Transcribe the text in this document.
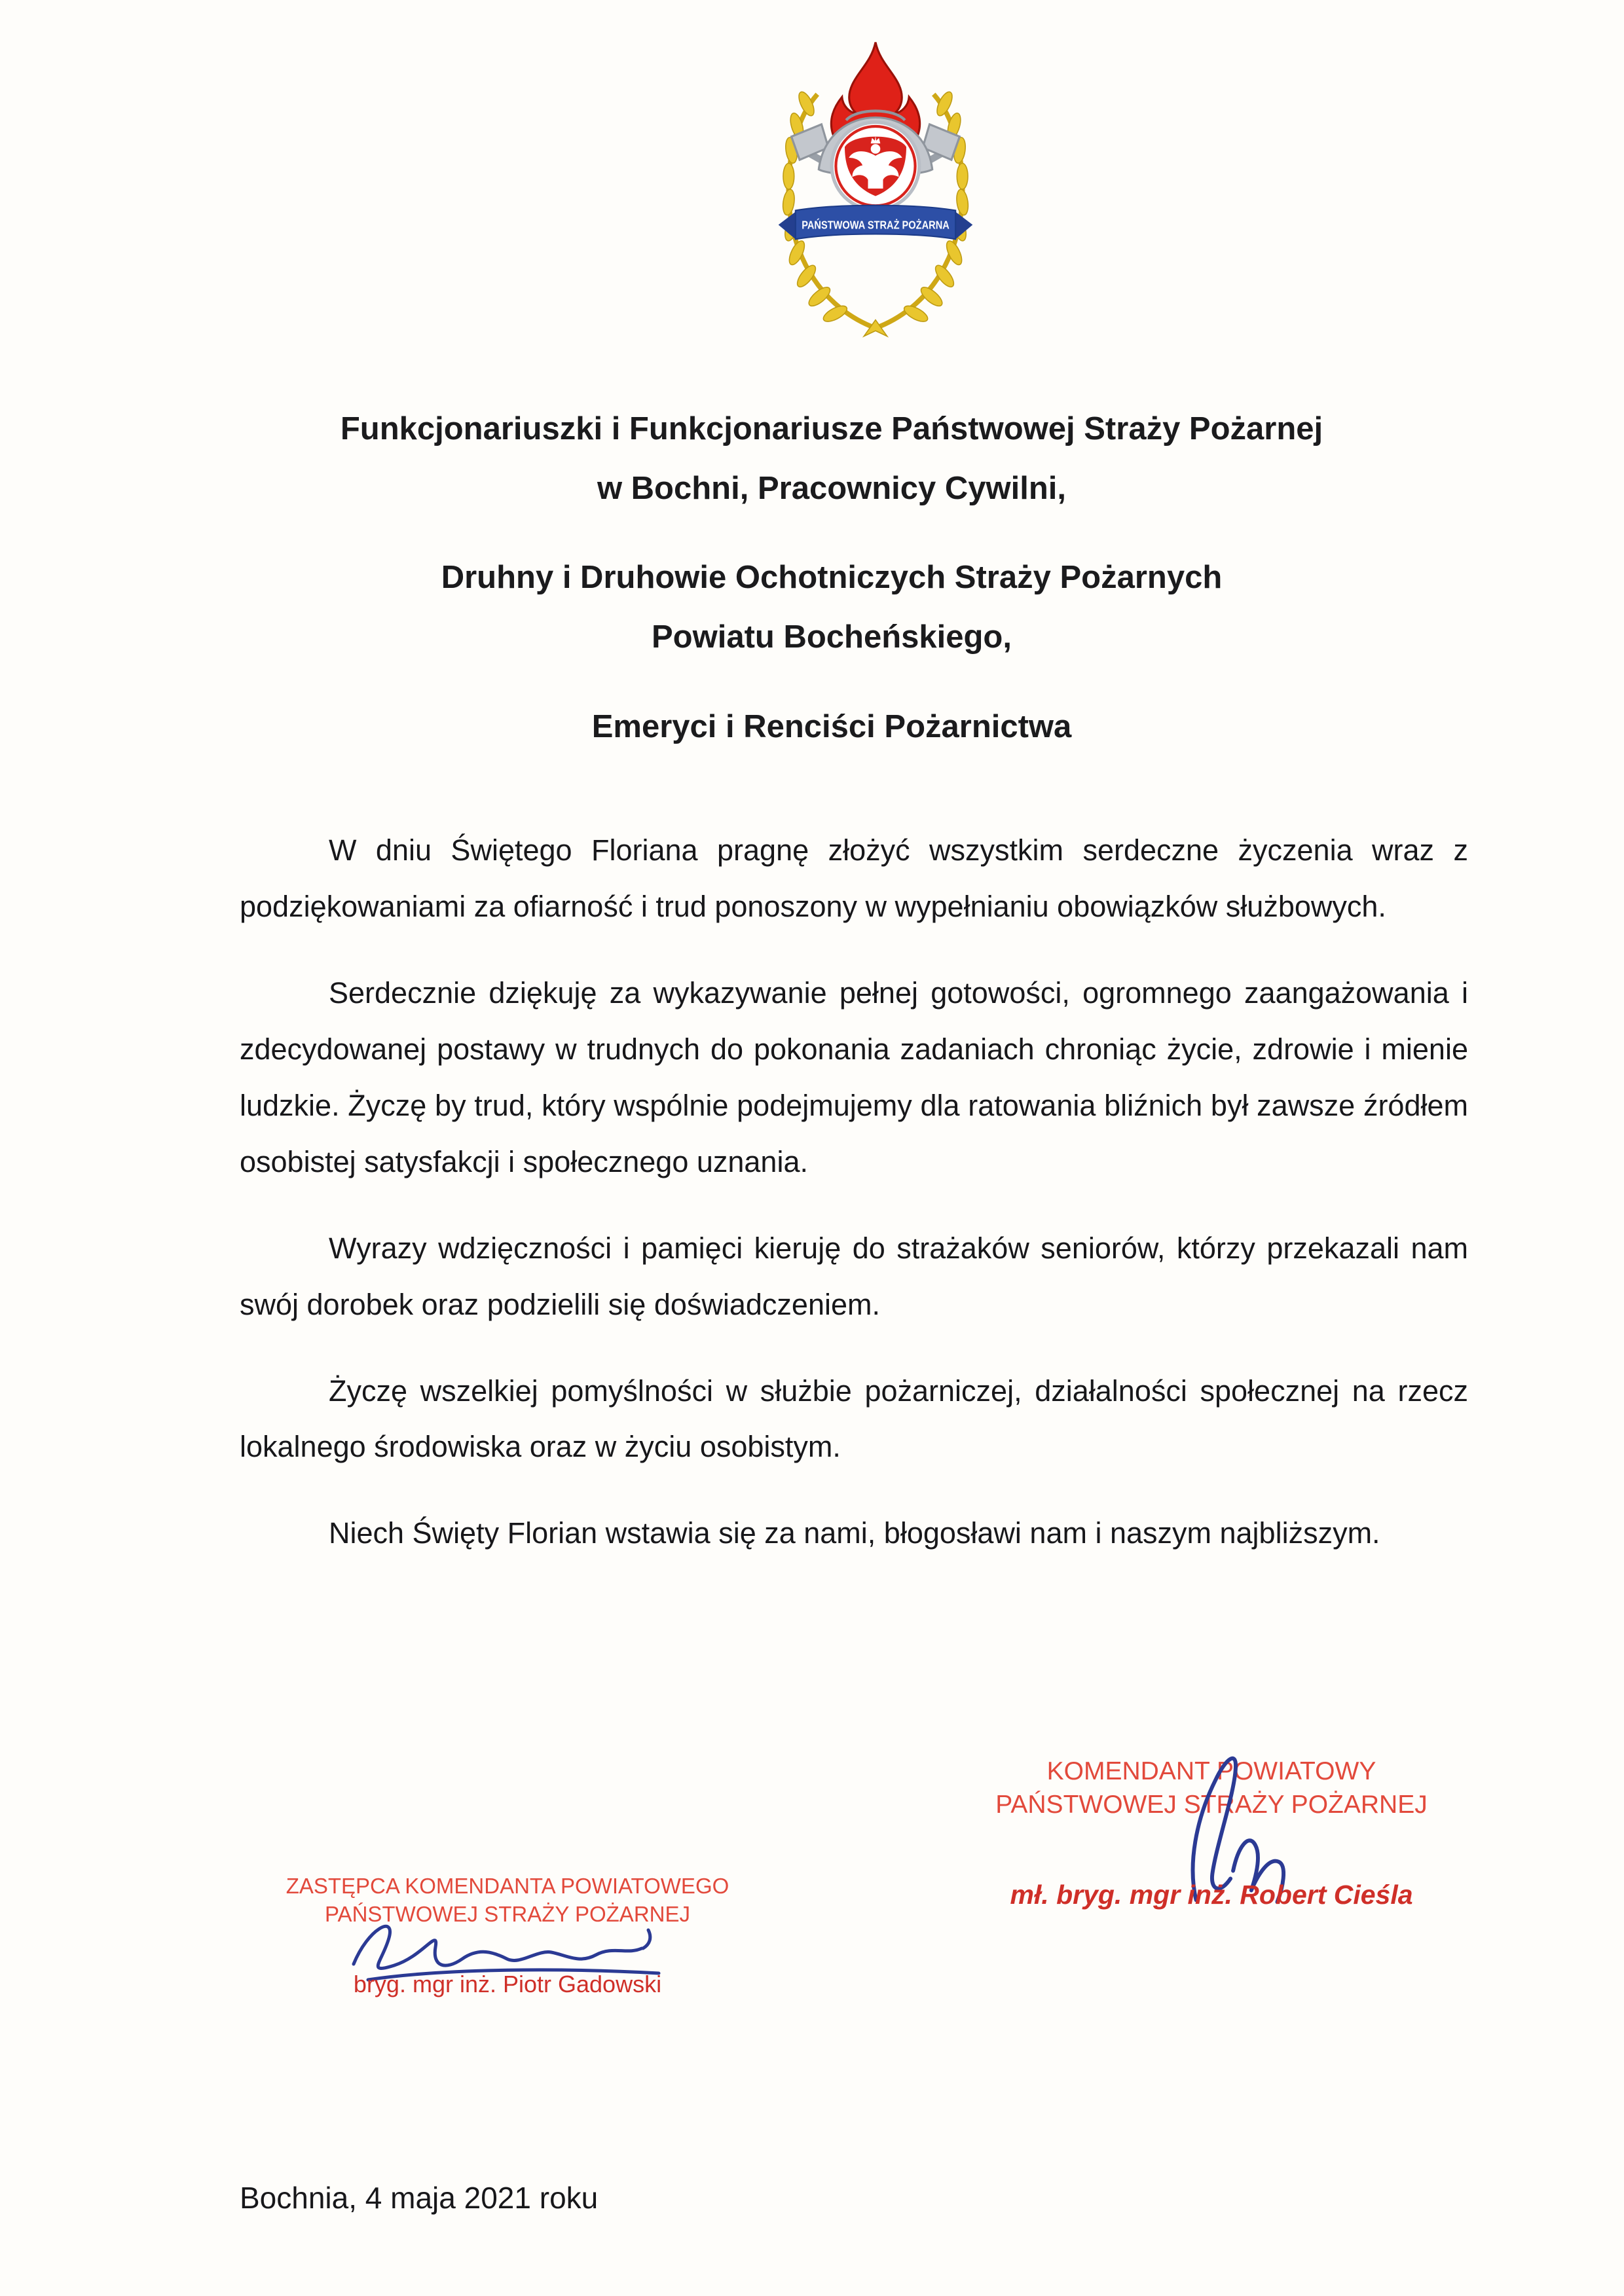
PAŃSTWOWA STRAŻ POŻARNA
Funkcjonariuszki i Funkcjonariusze Państwowej Straży Pożarnej
w Bochni, Pracownicy Cywilni,
Druhny i Druhowie Ochotniczych Straży Pożarnych
Powiatu Bocheńskiego,
Emeryci i Renciści Pożarnictwa

W dniu Świętego Floriana pragnę złożyć wszystkim serdeczne życzenia wraz z podziękowaniami za ofiarność i trud ponoszony w wypełnianiu obowiązków służbowych.

Serdecznie dziękuję za wykazywanie pełnej gotowości, ogromnego zaangażowania i zdecydowanej postawy w trudnych do pokonania zadaniach chroniąc życie, zdrowie i mienie ludzkie. Życzę by trud, który wspólnie podejmujemy dla ratowania bliźnich był zawsze źródłem osobistej satysfakcji i społecznego uznania.

Wyrazy wdzięczności i pamięci kieruję do strażaków seniorów, którzy przekazali nam swój dorobek oraz podzielili się doświadczeniem.

Życzę wszelkiej pomyślności w służbie pożarniczej, działalności społecznej na rzecz lokalnego środowiska oraz w życiu osobistym.

Niech Święty Florian wstawia się za nami, błogosławi nam i naszym najbliższym.

KOMENDANT POWIATOWY
PAŃSTWOWEJ STRAŻY POŻARNEJ
mł. bryg. mgr inż. Robert Cieśla
ZASTĘPCA KOMENDANTA POWIATOWEGO
PAŃSTWOWEJ STRAŻY POŻARNEJ
bryg. mgr inż. Piotr Gadowski
Bochnia, 4 maja 2021 roku
